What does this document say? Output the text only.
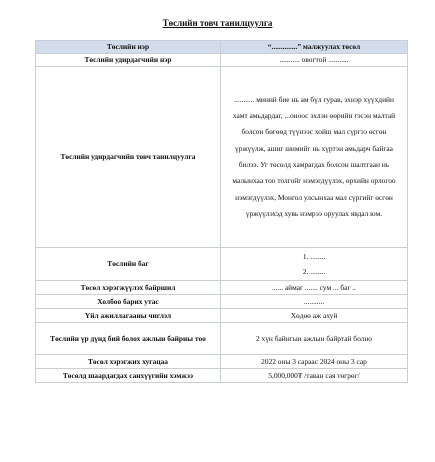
Төслийн товч танилцуулга
Төслийн нэр	“..............” малжуулах төсөл
Төслийн удирдагчийн нэр	........... овогтой ...........
Төслийн удирдагчийн товч танилцуулга	........... миний бие нь ам бүл гурав, эхнэр хүүхдийн хамт амьдардаг, ...оноос эхлэн өөрийн гэсэн малтай болсон бөгөөд түүнээс хойш мал сүргээ өсгөн үржүүлж, ашиг шимийг нь хүртэн амьдарч байгаа билээ. Уг төсөлд хамрагдах болсон шалтгаан нь малынхаа тоо толгойг нэмэгдүүлэх, өрхийн орлогоо нэмэгдүүлэх, Монгол улсынхаа мал сүргийг өсгөн үржүүлэхэд хувь нэмрээ оруулах явдал юм.
Төслийн баг	1. ........
2. ........
Төсөл хэрэгжүүлэх байршил	...... аймаг ....... сум ... баг ..
Холбоо барих утас	...........
Үйл ажиллагааны чиглэл	Хөдөө аж ахуй
Төслийн үр дүнд бий болох ажлын байрны тоо	2 хүн байнгын ажлын байртай болно
Төсөл хэрэгжих хугацаа	2022 оны 3 сараас 2024 оны 3 сар
Төсөлд шаардагдах санхүүгийн хэмжээ	5,000,000₮ /таван сая төгрөг/
